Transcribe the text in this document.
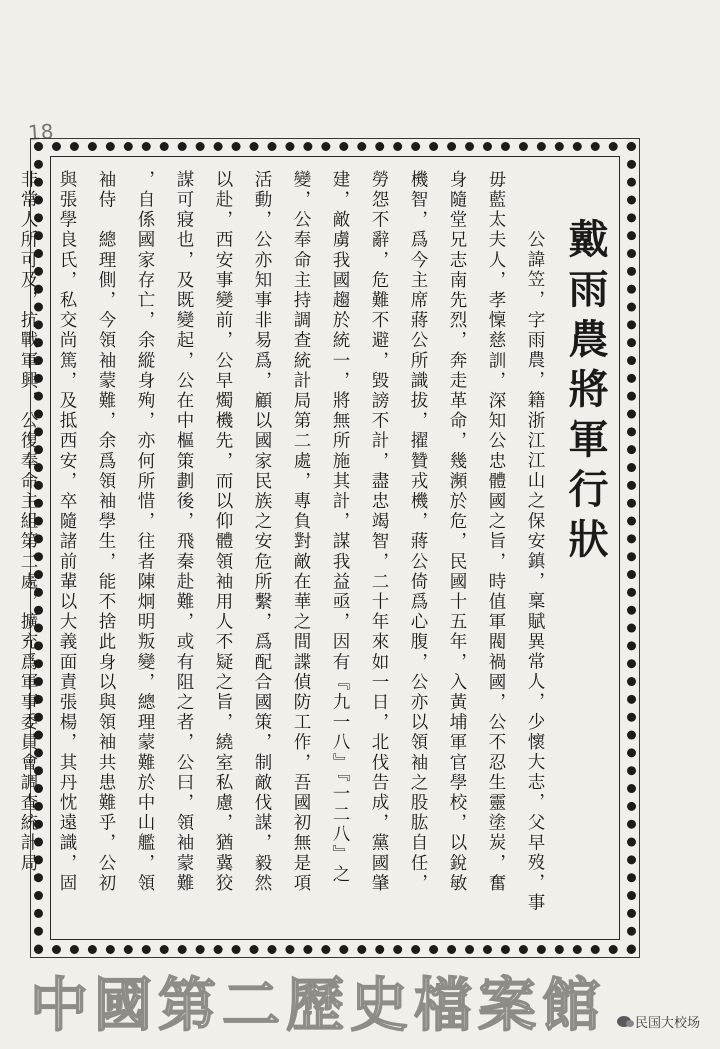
18
戴雨農將軍行狀
公諱笠，字雨農，籍浙江江山之保安鎮，稟賦異常人，少懷大志，父早歿，事
毋藍太夫人，孝懍慈訓，深知公忠體國之旨，時值軍閥禍國，公不忍生靈塗炭，奮
身隨堂兄志南先烈，奔走革命，幾瀕於危，民國十五年，入黃埔軍官學校，以銳敏
機智，爲今主席蔣公所識拔，擢贊戎機，蔣公倚爲心腹，公亦以領袖之股肱自任，
勞怨不辭，危難不避，毀謗不計，盡忠竭智，二十年來如一日，北伐告成，黨國肇
建，敵虜我國趨於統一，將無所施其計，謀我益亟，因有『九一八』『一二八』之
變，公奉命主持調查統計局第二處，專負對敵在華之間諜偵防工作，吾國初無是項
活動，公亦知事非易爲，顧以國家民族之安危所繫，爲配合國策，制敵伐謀，毅然
以赴，西安事變前，公早燭機先，而以仰體領袖用人不疑之旨，繞室私慮，猶冀狡
謀可寢也，及既變起，公在中樞策劃後，飛秦赴難，或有阻之者，公曰，領袖蒙難
，自係國家存亡，余縱身殉，亦何所惜，往者陳炯明叛變，總理蒙難於中山艦，領
袖侍　總理側，今領袖蒙難，余爲領袖學生，能不捨此身以與領袖共患難乎，公初
與張學良氏，私交尚篤，及抵西安，卒隨諸前輩以大義面責張楊，其丹忱遠識，固
非常人所可及，抗戰軍興，公復奉命主組第二處，擴充爲軍事委員會調查統計局，
中國第二歷史檔案館	民国大校场
